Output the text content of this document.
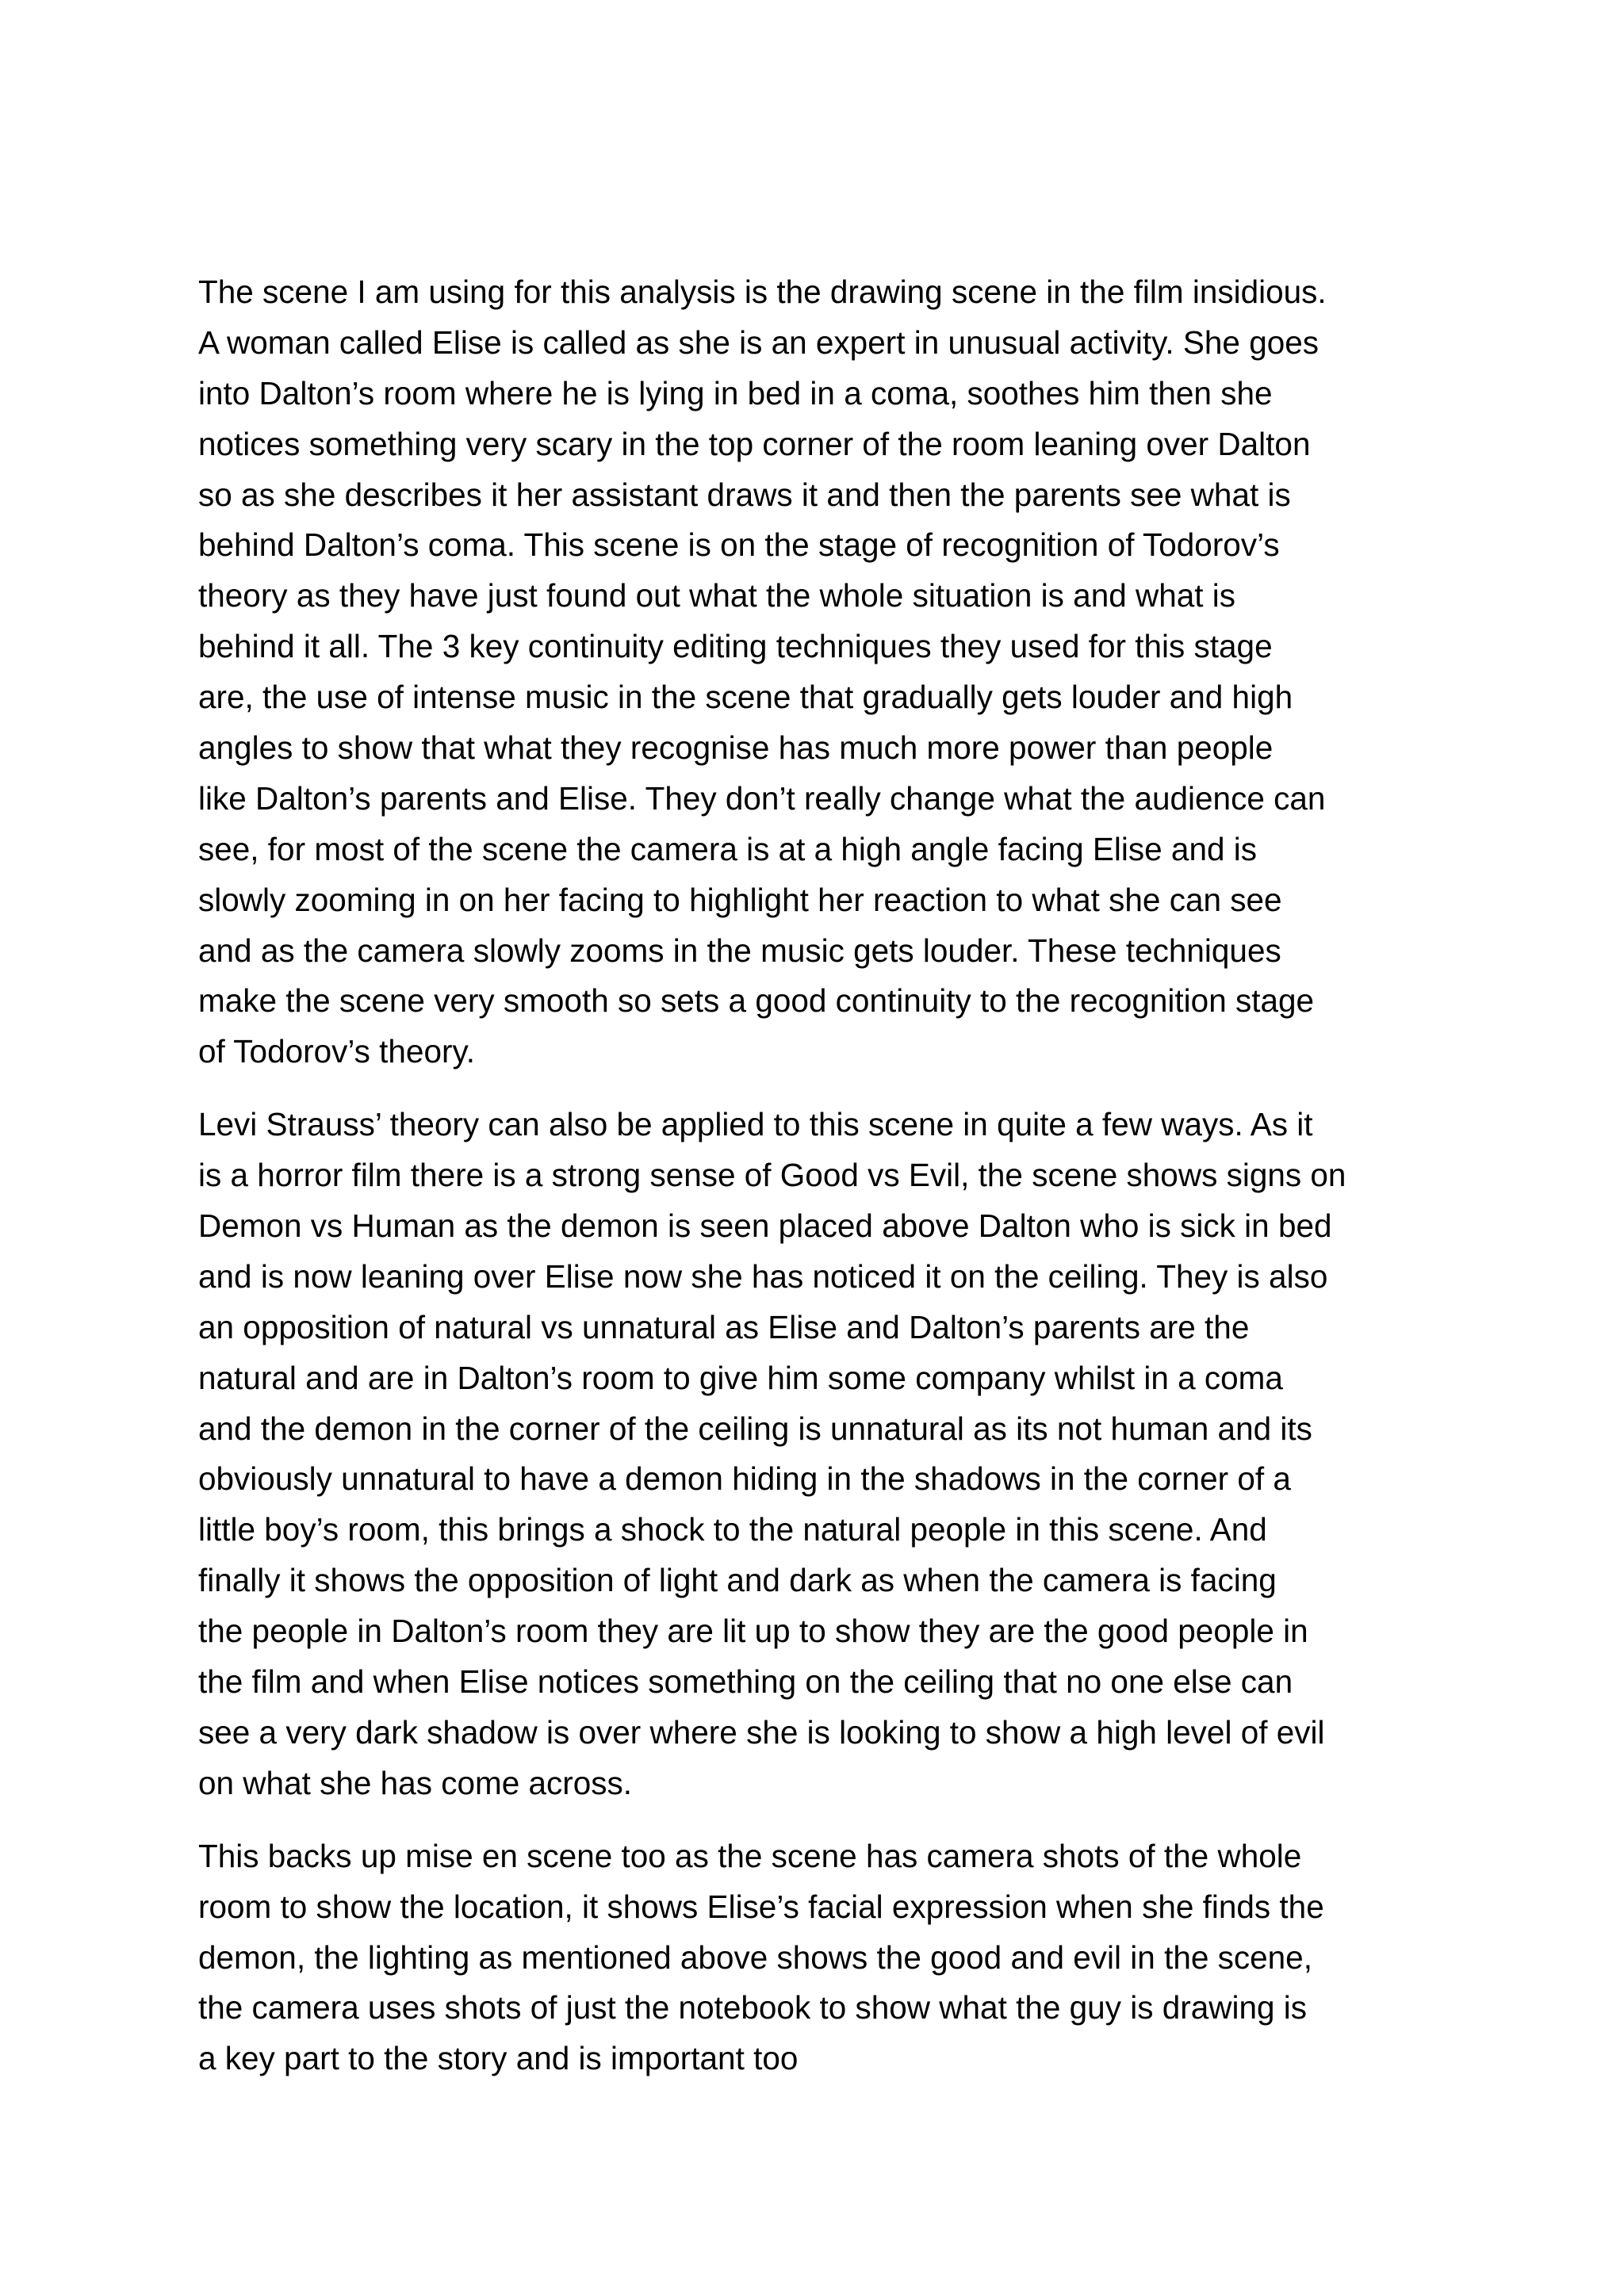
The scene I am using for this analysis is the drawing scene in the film insidious.
A woman called Elise is called as she is an expert in unusual activity. She goes
into Dalton’s room where he is lying in bed in a coma, soothes him then she
notices something very scary in the top corner of the room leaning over Dalton
so as she describes it her assistant draws it and then the parents see what is
behind Dalton’s coma. This scene is on the stage of recognition of Todorov’s
theory as they have just found out what the whole situation is and what is
behind it all. The 3 key continuity editing techniques they used for this stage
are, the use of intense music in the scene that gradually gets louder and high
angles to show that what they recognise has much more power than people
like Dalton’s parents and Elise. They don’t really change what the audience can
see, for most of the scene the camera is at a high angle facing Elise and is
slowly zooming in on her facing to highlight her reaction to what she can see
and as the camera slowly zooms in the music gets louder. These techniques
make the scene very smooth so sets a good continuity to the recognition stage
of Todorov’s theory.
Levi Strauss’ theory can also be applied to this scene in quite a few ways. As it
is a horror film there is a strong sense of Good vs Evil, the scene shows signs on
Demon vs Human as the demon is seen placed above Dalton who is sick in bed
and is now leaning over Elise now she has noticed it on the ceiling. They is also
an opposition of natural vs unnatural as Elise and Dalton’s parents are the
natural and are in Dalton’s room to give him some company whilst in a coma
and the demon in the corner of the ceiling is unnatural as its not human and its
obviously unnatural to have a demon hiding in the shadows in the corner of a
little boy’s room, this brings a shock to the natural people in this scene. And
finally it shows the opposition of light and dark as when the camera is facing
the people in Dalton’s room they are lit up to show they are the good people in
the film and when Elise notices something on the ceiling that no one else can
see a very dark shadow is over where she is looking to show a high level of evil
on what she has come across.
This backs up mise en scene too as the scene has camera shots of the whole
room to show the location, it shows Elise’s facial expression when she finds the
demon, the lighting as mentioned above shows the good and evil in the scene,
the camera uses shots of just the notebook to show what the guy is drawing is
a key part to the story and is important too
